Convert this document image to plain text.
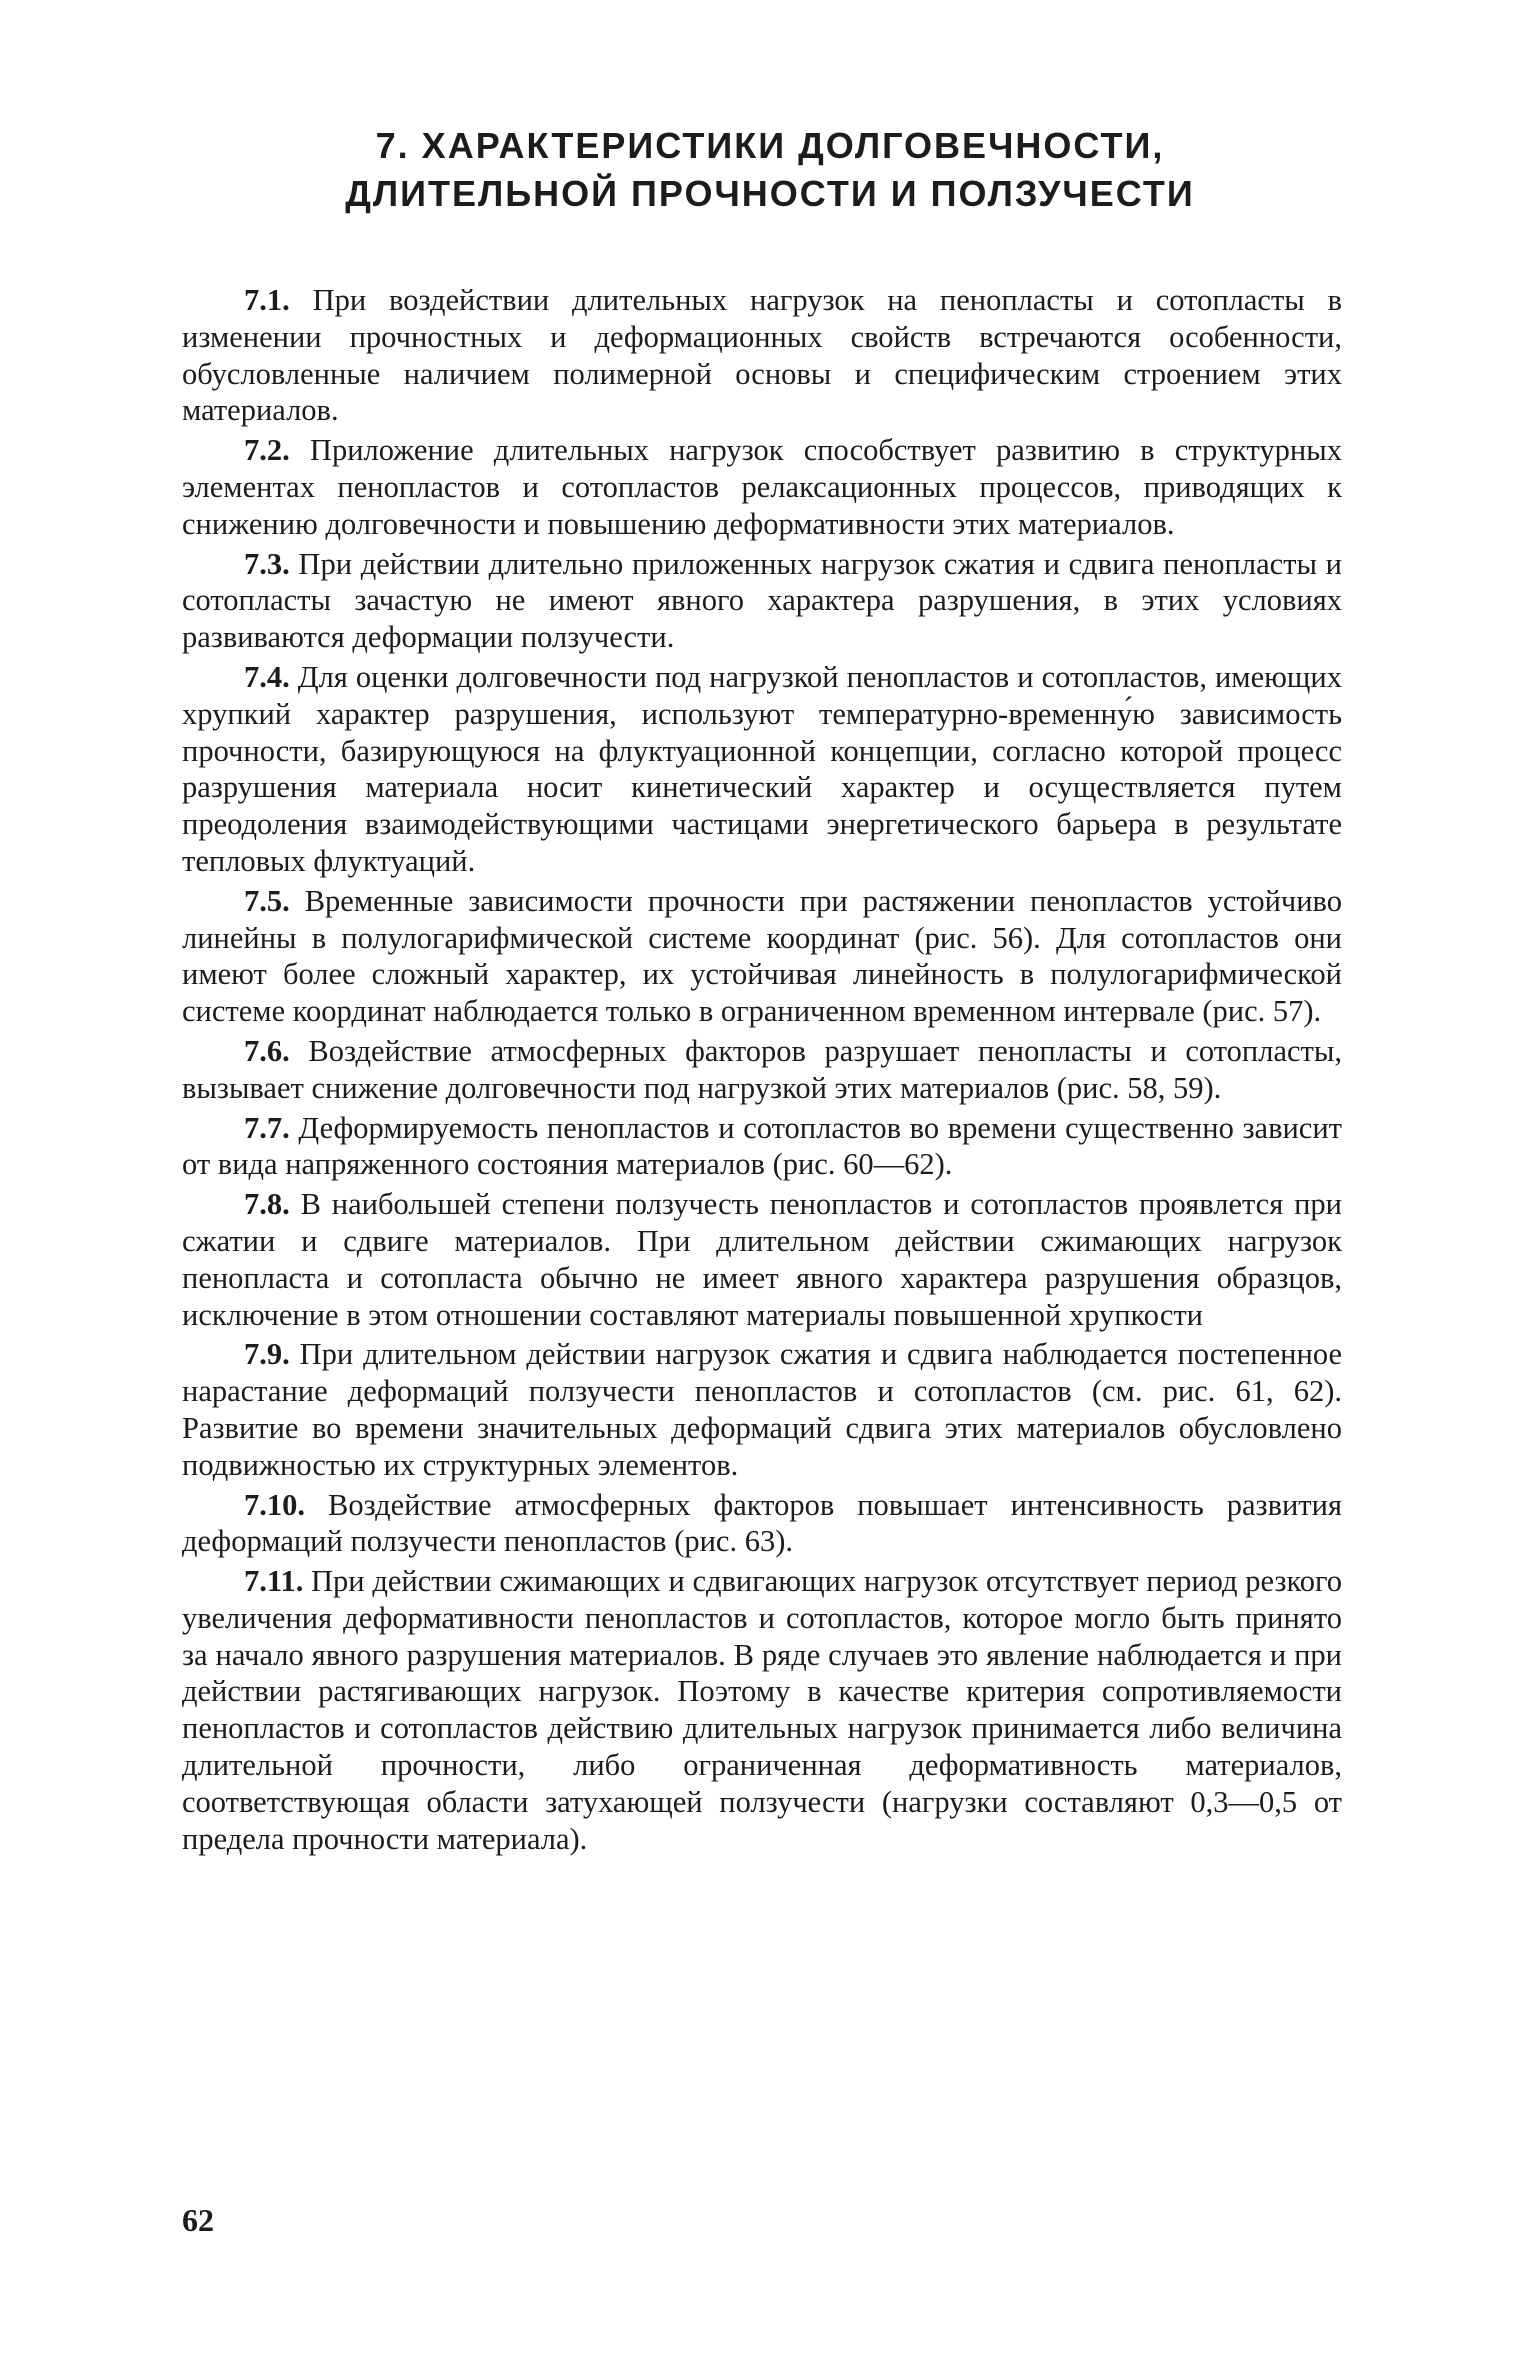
7. ХАРАКТЕРИСТИКИ ДОЛГОВЕЧНОСТИ,
ДЛИТЕЛЬНОЙ ПРОЧНОСТИ И ПОЛЗУЧЕСТИ

7.1. При воздействии длительных нагрузок на пенопласты и сотопласты в изменении прочностных и деформационных свойств встречаются особенности, обусловленные наличием полимерной основы и специфическим строением этих материалов.

7.2. Приложение длительных нагрузок способствует развитию в структурных элементах пенопластов и сотопластов релаксационных процессов, приводящих к снижению долговечности и повышению деформативности этих материалов.

7.3. При действии длительно приложенных нагрузок сжатия и сдвига пенопласты и сотопласты зачастую не имеют явного характера разрушения, в этих условиях развиваются деформации ползучести.

7.4. Для оценки долговечности под нагрузкой пенопластов и сотопластов, имеющих хрупкий характер разрушения, используют температурно-временну́ю зависимость прочности, базирующуюся на флуктуационной концепции, согласно которой процесс разрушения материала носит кинетический характер и осуществляется путем преодоления взаимодействующими частицами энергетического барьера в результате тепловых флуктуаций.

7.5. Временные зависимости прочности при растяжении пенопластов устойчиво линейны в полулогарифмической системе координат (рис. 56). Для сотопластов они имеют более сложный характер, их устойчивая линейность в полулогарифмической системе координат наблюдается только в ограниченном временном интервале (рис. 57).

7.6. Воздействие атмосферных факторов разрушает пенопласты и сотопласты, вызывает снижение долговечности под нагрузкой этих материалов (рис. 58, 59).

7.7. Деформируемость пенопластов и сотопластов во времени существенно зависит от вида напряженного состояния материалов (рис. 60—62).

7.8. В наибольшей степени ползучесть пенопластов и сотопластов проявлется при сжатии и сдвиге материалов. При длительном действии сжимающих нагрузок пенопласта и сотопласта обычно не имеет явного характера разрушения образцов, исключение в этом отношении составляют материалы повышенной хрупкости

7.9. При длительном действии нагрузок сжатия и сдвига наблюдается постепенное нарастание деформаций ползучести пенопластов и сотопластов (см. рис. 61, 62). Развитие во времени значительных деформаций сдвига этих материалов обусловлено подвижностью их структурных элементов.

7.10. Воздействие атмосферных факторов повышает интенсивность развития деформаций ползучести пенопластов (рис. 63).

7.11. При действии сжимающих и сдвигающих нагрузок отсутствует период резкого увеличения деформативности пенопластов и сотопластов, которое могло быть принято за начало явного разрушения материалов. В ряде случаев это явление наблюдается и при действии растягивающих нагрузок. Поэтому в качестве критерия сопротивляемости пенопластов и сотопластов действию длительных нагрузок принимается либо величина длительной прочности, либо ограниченная деформативность материалов, соответствующая области затухающей ползучести (нагрузки составляют 0,3—0,5 от предела прочности материала).

62
